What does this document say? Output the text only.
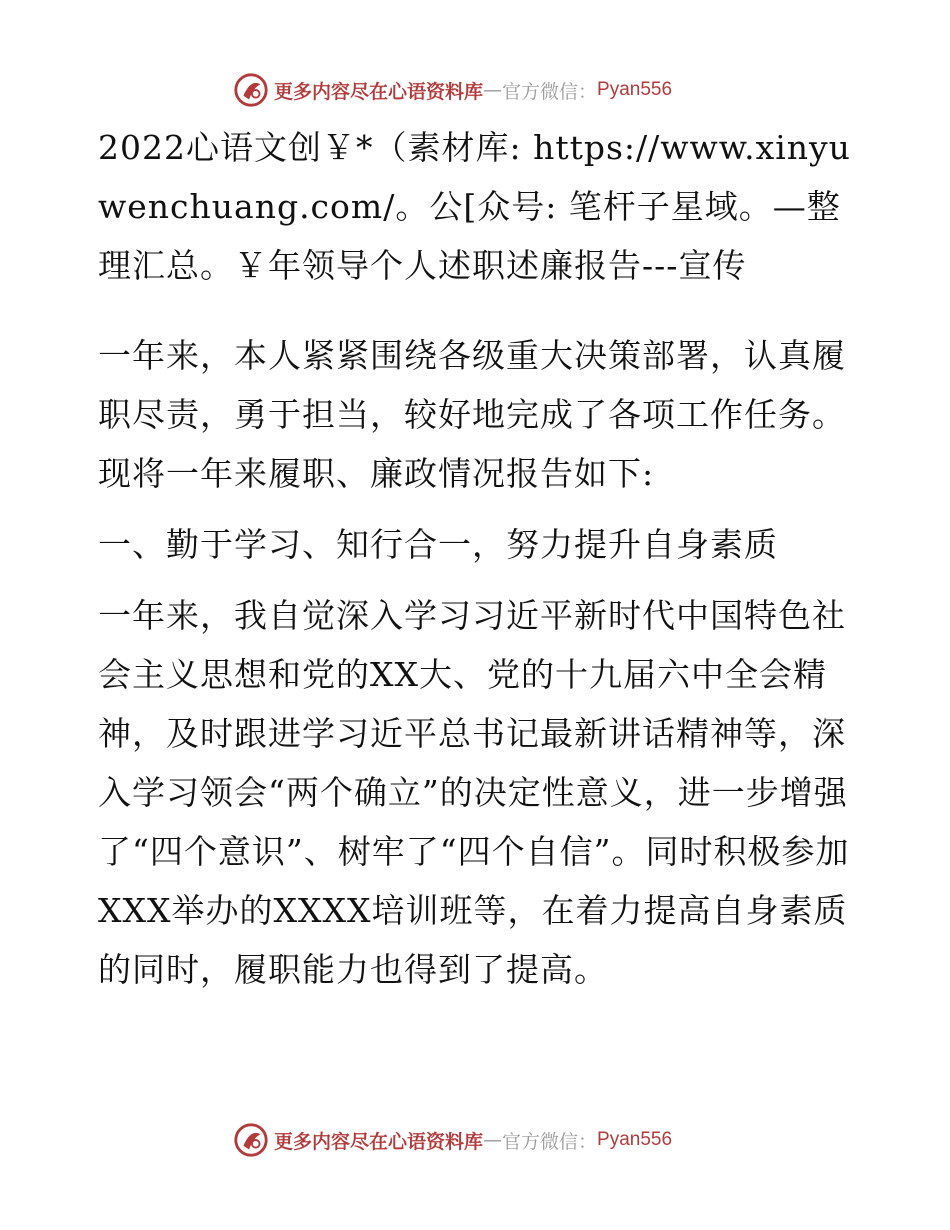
更多内容尽在心语资料库 — 官方微信： Pyan556

2022心语文创￥*（素材库: https://www.xinyuwenchuang.com/。公[众号: 笔杆子星域。—整理汇总。￥年领导个人述职述廉报告---宣传

一年来，本人紧紧围绕各级重大决策部署，认真履职尽责，勇于担当，较好地完成了各项工作任务。现将一年来履职、廉政情况报告如下:

一、勤于学习、知行合一，努力提升自身素质

一年来，我自觉深入学习习近平新时代中国特色社会主义思想和党的XX大、党的十九届六中全会精神，及时跟进学习近平总书记最新讲话精神等，深入学习领会“两个确立”的决定性意义，进一步增强了“四个意识”、树牢了“四个自信”。同时积极参加XXX举办的XXXX培训班等，在着力提高自身素质的同时，履职能力也得到了提高。

更多内容尽在心语资料库 — 官方微信： Pyan556
